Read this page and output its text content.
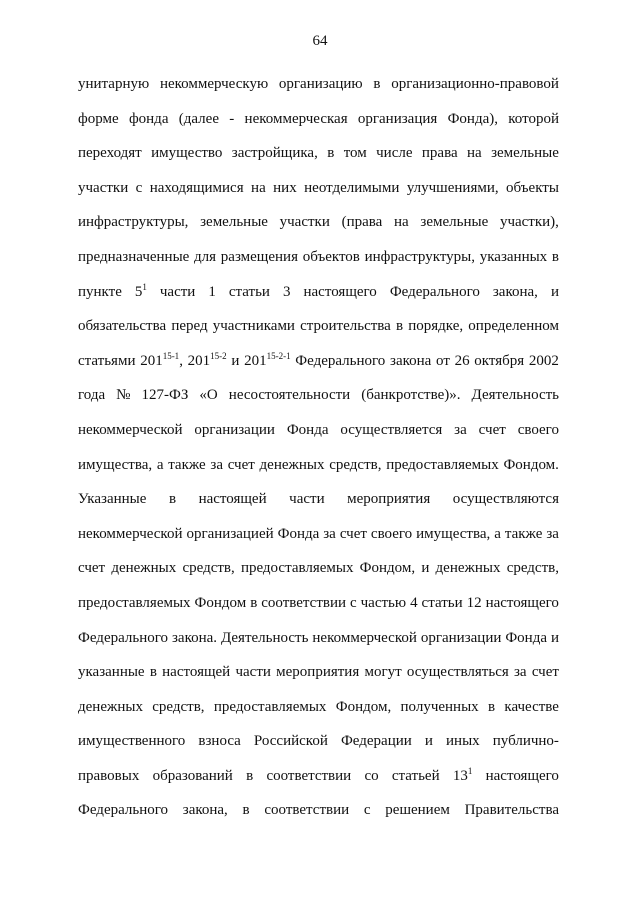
64
унитарную некоммерческую организацию в организационно-правовой
форме фонда (далее - некоммерческая организация Фонда), которой
переходят имущество застройщика, в том числе права на земельные
участки с находящимися на них неотделимыми улучшениями, объекты
инфраструктуры, земельные участки (права на земельные участки),
предназначенные для размещения объектов инфраструктуры, указанных в
пункте $5^1$ части 1 статьи 3 настоящего Федерального закона, и
обязательства перед участниками строительства в порядке, определенном
статьями 201$^{15-1}$, 201$^{15-2}$ и 201$^{15-2-1}$ Федерального закона от 26 октября 2002
года № 127-ФЗ «О несостоятельности (банкротстве)». Деятельность
некоммерческой организации Фонда осуществляется за счет своего
имущества, а также за счет денежных средств, предоставляемых Фондом.
Указанные в настоящей части мероприятия осуществляются
некоммерческой организацией Фонда за счет своего имущества, а также за
счет денежных средств, предоставляемых Фондом, и денежных средств,
предоставляемых Фондом в соответствии с частью 4 статьи 12 настоящего
Федерального закона. Деятельность некоммерческой организации Фонда и
указанные в настоящей части мероприятия могут осуществляться за счет
денежных средств, предоставляемых Фондом, полученных в качестве
имущественного взноса Российской Федерации и иных публично-
правовых образований в соответствии со статьей $13^1$ настоящего
Федерального закона, в соответствии с решением Правительства
